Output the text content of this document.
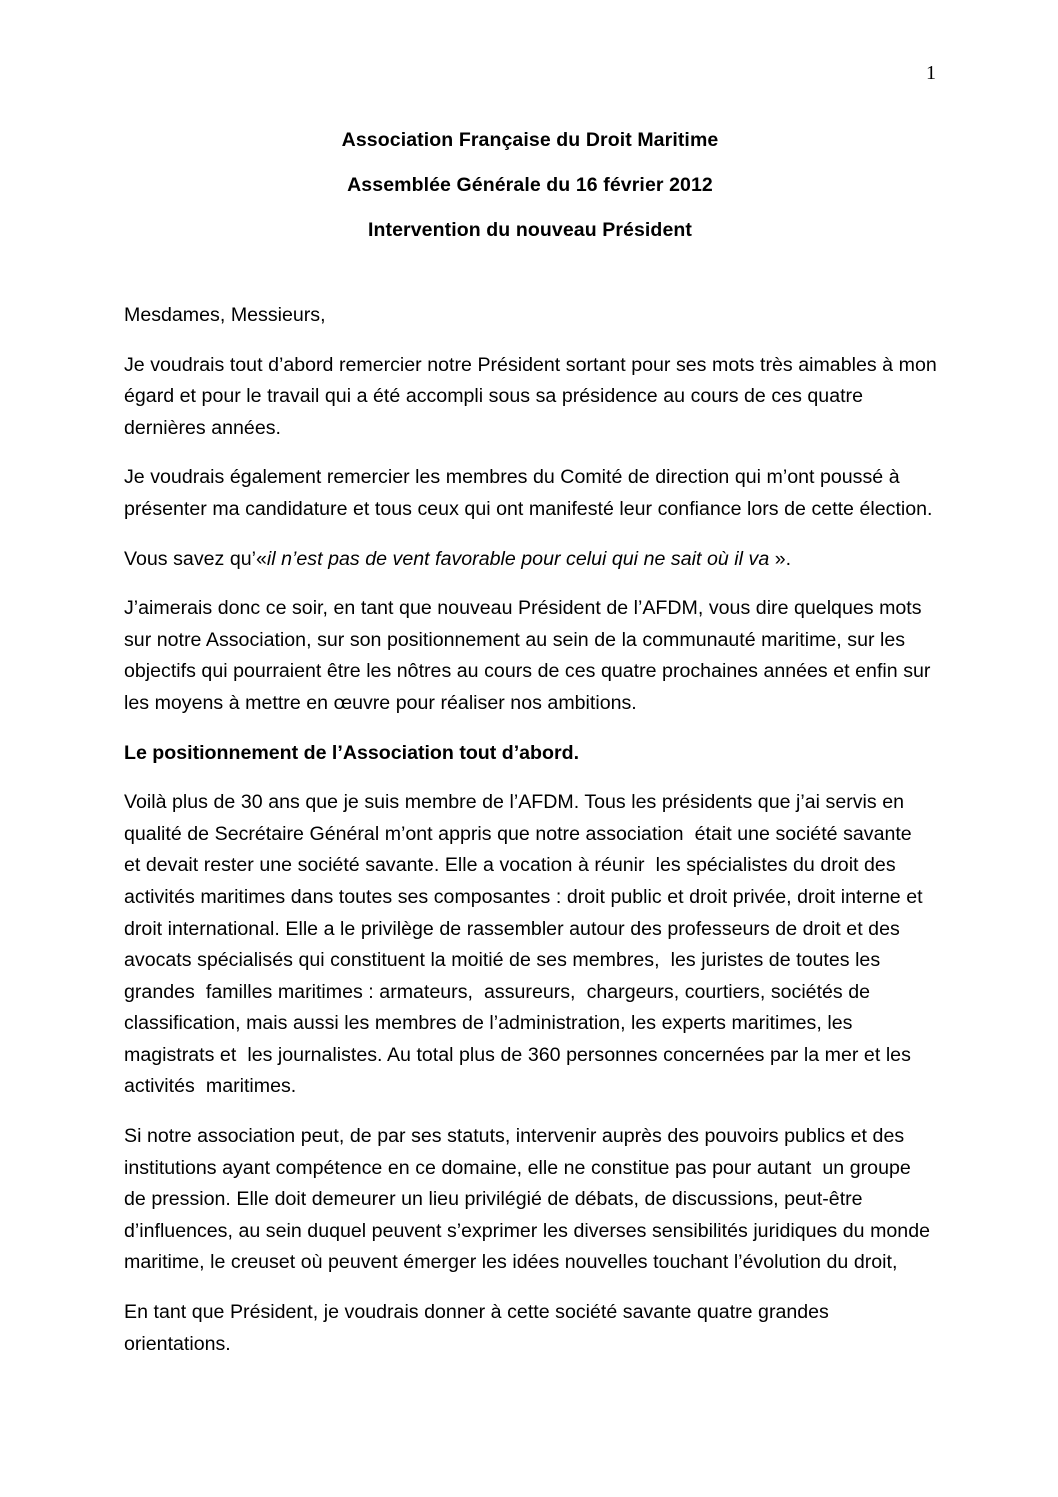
1
Association Française du Droit Maritime
Assemblée Générale du 16 février 2012
Intervention du nouveau Président

Mesdames, Messieurs,

Je voudrais tout d’abord remercier notre Président sortant pour ses mots très aimables à mon égard et pour le travail qui a été accompli sous sa présidence au cours de ces quatre dernières années.

Je voudrais également remercier les membres du Comité de direction qui m’ont poussé à présenter ma candidature et tous ceux qui ont manifesté leur confiance lors de cette élection.

Vous savez qu’«il n’est pas de vent favorable pour celui qui ne sait où il va ».

J’aimerais donc ce soir, en tant que nouveau Président de l’AFDM, vous dire quelques mots sur notre Association, sur son positionnement au sein de la communauté maritime, sur les objectifs qui pourraient être les nôtres au cours de ces quatre prochaines années et enfin sur les moyens à mettre en œuvre pour réaliser nos ambitions.

Le positionnement de l’Association tout d’abord.

Voilà plus de 30 ans que je suis membre de l’AFDM. Tous les présidents que j’ai servis en qualité de Secrétaire Général m’ont appris que notre association  était une société savante  et devait rester une société savante. Elle a vocation à réunir  les spécialistes du droit des activités maritimes dans toutes ses composantes : droit public et droit privée, droit interne et droit international. Elle a le privilège de rassembler autour des professeurs de droit et des avocats spécialisés qui constituent la moitié de ses membres,  les juristes de toutes les grandes  familles maritimes : armateurs,  assureurs,  chargeurs, courtiers, sociétés de classification, mais aussi les membres de l’administration, les experts maritimes, les magistrats et  les journalistes. Au total plus de 360 personnes concernées par la mer et les activités  maritimes.

Si notre association peut, de par ses statuts, intervenir auprès des pouvoirs publics et des institutions ayant compétence en ce domaine, elle ne constitue pas pour autant  un groupe de pression. Elle doit demeurer un lieu privilégié de débats, de discussions, peut-être d’influences, au sein duquel peuvent s’exprimer les diverses sensibilités juridiques du monde maritime, le creuset où peuvent émerger les idées nouvelles touchant l’évolution du droit,

En tant que Président, je voudrais donner à cette société savante quatre grandes orientations.
